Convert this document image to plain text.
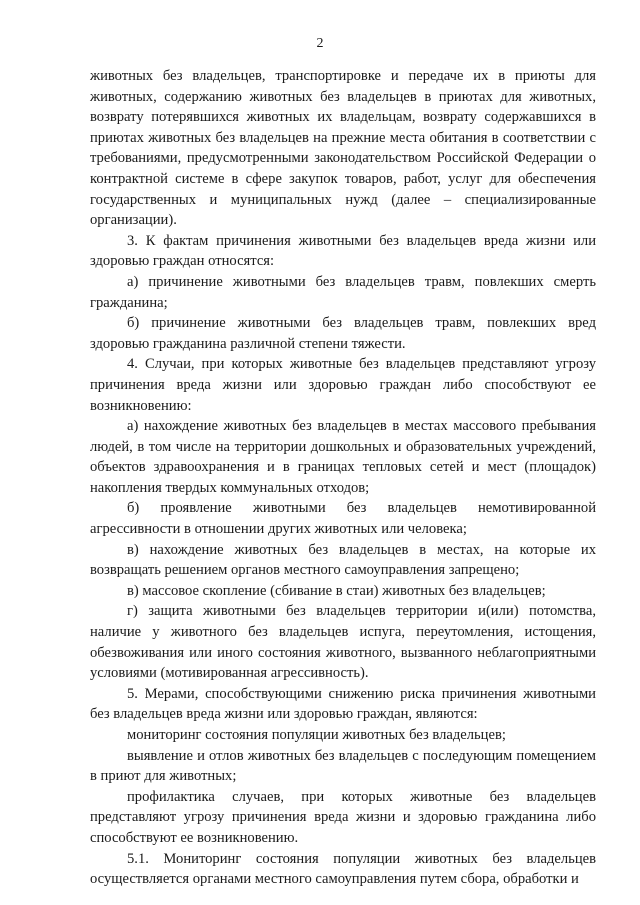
2

животных без владельцев, транспортировке и передаче их в приюты для животных, содержанию животных без владельцев в приютах для животных, возврату потерявшихся животных их владельцам, возврату содержавшихся в приютах животных без владельцев на прежние места обитания в соответствии с требованиями, предусмотренными законодательством Российской Федерации о контрактной системе в сфере закупок товаров, работ, услуг для обеспечения государственных и муниципальных нужд (далее – специализированные организации).

3. К фактам причинения животными без владельцев вреда жизни или здоровью граждан относятся:

а) причинение животными без владельцев травм, повлекших смерть гражданина;

б) причинение животными без владельцев травм, повлекших вред здоровью гражданина различной степени тяжести.

4. Случаи, при которых животные без владельцев представляют угрозу причинения вреда жизни или здоровью граждан либо способствуют ее возникновению:

а) нахождение животных без владельцев в местах массового пребывания людей, в том числе на территории дошкольных и образовательных учреждений, объектов здравоохранения и в границах тепловых сетей и мест (площадок) накопления твердых коммунальных отходов;

б) проявление животными без владельцев немотивированной агрессивности в отношении других животных или человека;

в) нахождение животных без владельцев в местах, на которые их возвращать решением органов местного самоуправления запрещено;

в) массовое скопление (сбивание в стаи) животных без владельцев;

г) защита животными без владельцев территории и(или) потомства, наличие у животного без владельцев испуга, переутомления, истощения, обезвоживания или иного состояния животного, вызванного неблагоприятными условиями (мотивированная агрессивность).

5. Мерами, способствующими снижению риска причинения животными без владельцев вреда жизни или здоровью граждан, являются:

мониторинг состояния популяции животных без владельцев;

выявление и отлов животных без владельцев с последующим помещением в приют для животных;

профилактика случаев, при которых животные без владельцев представляют угрозу причинения вреда жизни и здоровью гражданина либо способствуют ее возникновению.

5.1. Мониторинг состояния популяции животных без владельцев осуществляется органами местного самоуправления путем сбора, обработки и
